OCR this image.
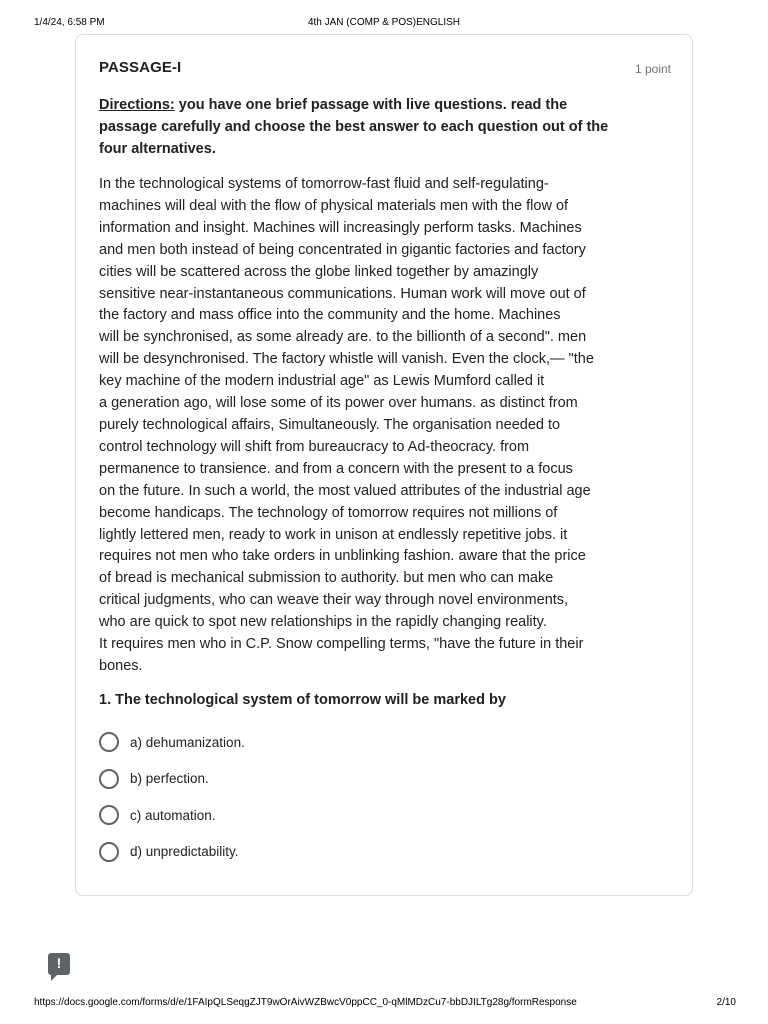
1/4/24, 6:58 PM	4th JAN (COMP & POS)ENGLISH
PASSAGE-I	1 point
Directions: you have one brief passage with live questions. read the passage carefully and choose the best answer to each question out of the four alternatives.
In the technological systems of tomorrow-fast fluid and self-regulating-
machines will deal with the flow of physical materials men with the flow of
information and insight. Machines will increasingly perform tasks. Machines
and men both instead of being concentrated in gigantic factories and factory
cities will be scattered across the globe linked together by amazingly
sensitive near-instantaneous communications. Human work will move out of
the factory and mass office into the community and the home. Machines
will be synchronised, as some already are. to the billionth of a second". men
will be desynchronised. The factory whistle will vanish. Even the clock,— "the
key machine of the modern industrial age" as Lewis Mumford called it
a generation ago, will lose some of its power over humans. as distinct from
purely technological affairs, Simultaneously. The organisation needed to
control technology will shift from bureaucracy to Ad-theocracy. from
permanence to transience. and from a concern with the present to a focus
on the future. In such a world, the most valued attributes of the industrial age
become handicaps. The technology of tomorrow requires not millions of
lightly lettered men, ready to work in unison at endlessly repetitive jobs. it
requires not men who take orders in unblinking fashion. aware that the price
of bread is mechanical submission to authority. but men who can make
critical judgments, who can weave their way through novel environments,
who are quick to spot new relationships in the rapidly changing reality.
It requires men who in C.P. Snow compelling terms, "have the future in their
bones.
1. The technological system of tomorrow will be marked by
a) dehumanization.
b) perfection.
c) automation.
d) unpredictability.
!
https://docs.google.com/forms/d/e/1FAIpQLSeqgZJT9wOrAivWZBwcV0ppCC_0-qMlMDzCu7-bbDJILTg28g/formResponse	2/10
